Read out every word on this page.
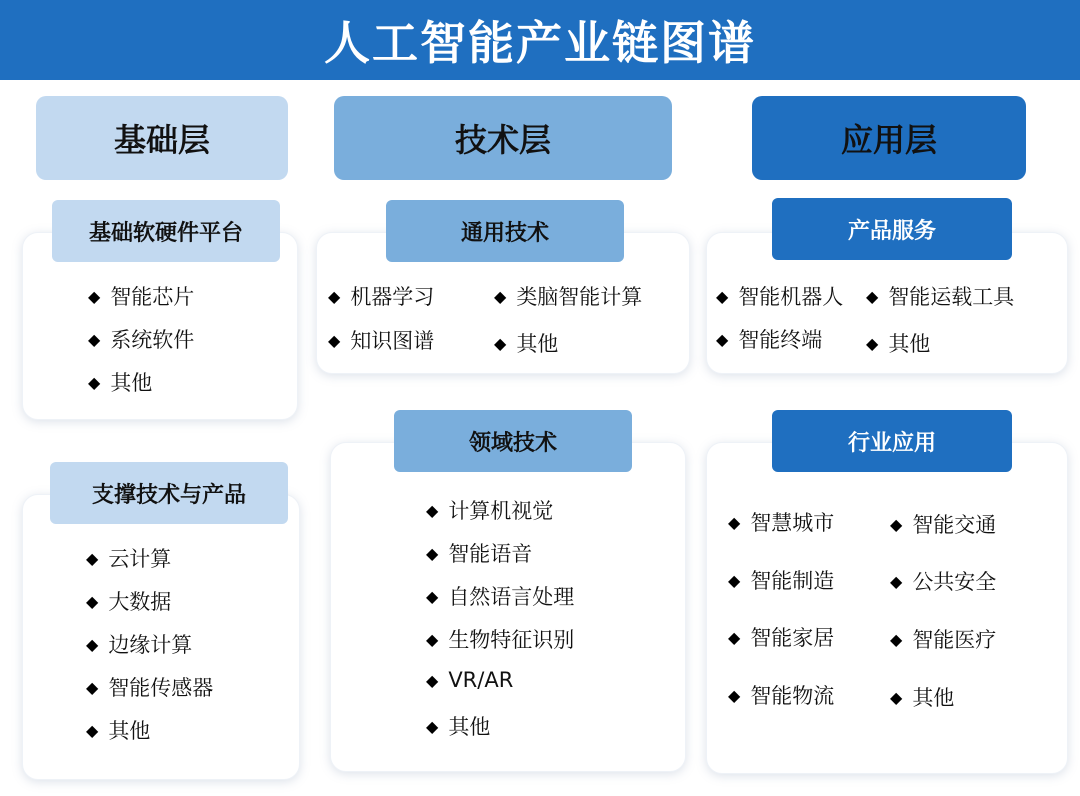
人工智能产业链图谱
基础层	技术层	应用层
基础软硬件平台
◆ 智能芯片
◆ 系统软件
◆ 其他
支撑技术与产品
◆ 云计算
◆ 大数据
◆ 边缘计算
◆ 智能传感器
◆ 其他
通用技术
◆ 机器学习	◆ 类脑智能计算
◆ 知识图谱	◆ 其他
领域技术
◆ 计算机视觉
◆ 智能语音
◆ 自然语言处理
◆ 生物特征识别
◆ VR/AR
◆ 其他
产品服务
◆ 智能机器人 ◆ 智能运载工具
◆ 智能终端	◆ 其他
行业应用
◆ 智慧城市	◆ 智能交通
◆ 智能制造	◆ 公共安全
◆ 智能家居	◆ 智能医疗
◆ 智能物流	◆ 其他
